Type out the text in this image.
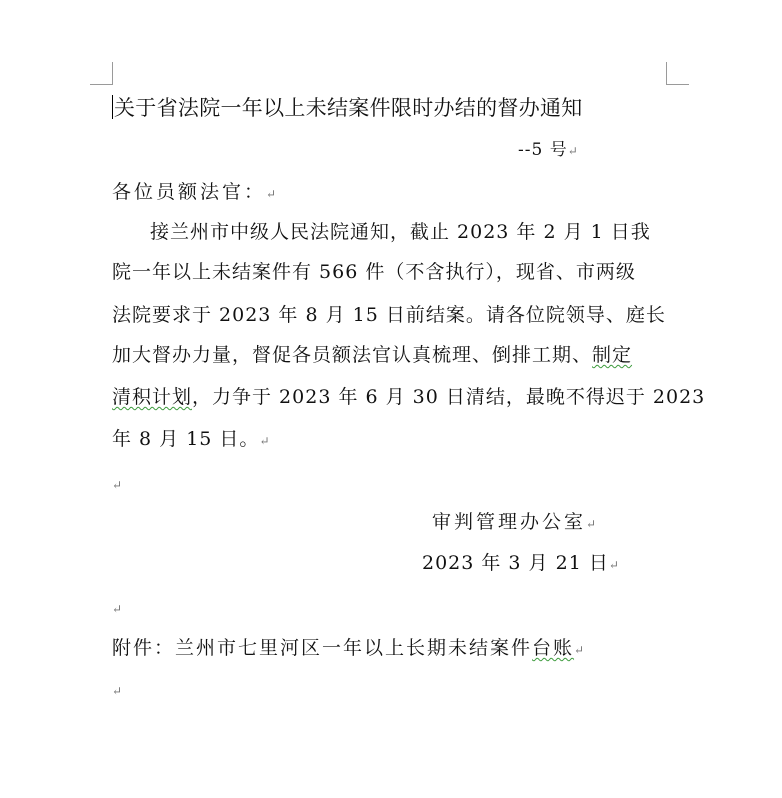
关于省法院一年以上未结案件限时办结的督办通知
--5 号↵
各位员额法官：↵
接兰州市中级人民法院通知，截止 2023 年 2 月 1 日我
院一年以上未结案件有 566 件（不含执行），现省、市两级
法院要求于 2023 年 8 月 15 日前结案。请各位院领导、庭长
加大督办力量，督促各员额法官认真梳理、倒排工期、制定
清积计划，力争于 2023 年 6 月 30 日清结，最晚不得迟于 2023
年 8 月 15 日。↵
↵
审判管理办公室↵
2023 年 3 月 21 日↵
↵
附件：兰州市七里河区一年以上长期未结案件台账↵
↵
